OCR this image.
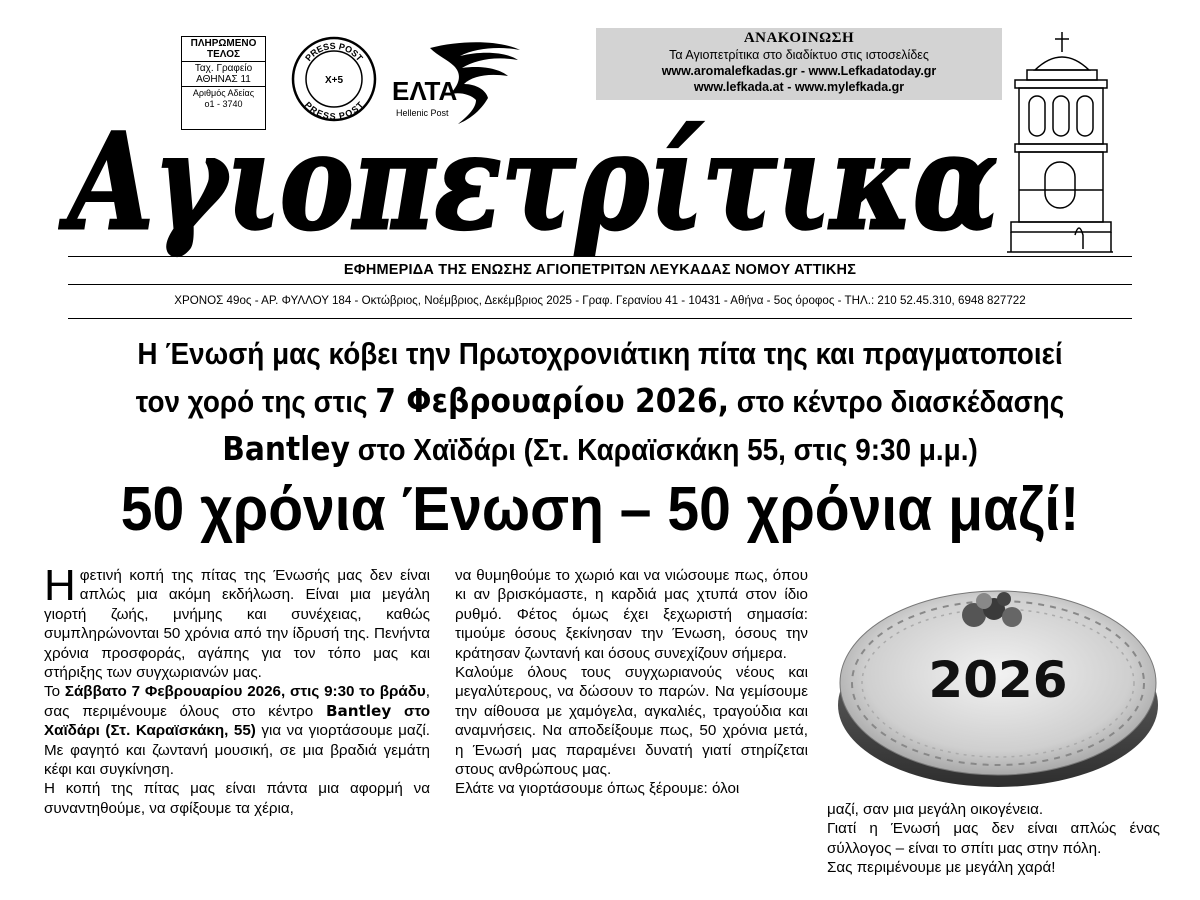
ΠΛΗΡΩΜΕΝΟ
ΤΕΛΟΣ
Ταχ. Γραφείο
ΑΘΗΝΑΣ 11
Αριθμός Αδείας
ο1 - 3740
PRESS POST
PRESS POST
X+5 ΕΛΤΑ
Hellenic Post
ΑΝΑΚΟΙΝΩΣΗ
Τα Αγιοπετρίτικα στο διαδίκτυο στις ιστοσελίδες
www.aromalefkadas.gr - www.Lefkadatoday.gr
www.lefkada.at - www.mylefkada.gr
Αγιοπετρίτικα
ΕΦΗΜΕΡΙΔΑ ΤΗΣ ΕΝΩΣΗΣ ΑΓΙΟΠΕΤΡΙΤΩΝ ΛΕΥΚΑΔΑΣ ΝΟΜΟΥ ΑΤΤΙΚΗΣ
ΧΡΟΝΟΣ 49ος - ΑΡ. ΦΥΛΛΟΥ 184 - Οκτώβριος, Νοέμβριος, Δεκέμβριος 2025 - Γραφ. Γερανίου 41 - 10431 - Αθήνα - 5ος όροφος - ΤΗΛ.: 210 52.45.310, 6948 827722
Η Ένωσή μας κόβει την Πρωτοχρονιάτικη πίτα της και πραγματοποιεί
τον χορό της στις 7 Φεβρουαρίου 2026, στο κέντρο διασκέδασης
Bantley στο Χαϊδάρι (Στ. Καραϊσκάκη 55, στις 9:30 μ.μ.)
50 χρόνια Ένωση – 50 χρόνια μαζί!

Ηφετινή κοπή της πίτας της Ένωσής μας δεν είναι απλώς μια ακόμη εκδήλωση. Είναι μια μεγάλη γιορτή ζωής, μνήμης και συνέχειας, καθώς συμπληρώνονται 50 χρόνια από την ίδρυσή της. Πενήντα χρόνια προσφοράς, αγάπης για τον τόπο μας και στήριξης των συγχωριανών μας.

Το Σάββατο 7 Φεβρουαρίου 2026, στις 9:30 το βράδυ, σας περιμένουμε όλους στο κέντρο Bantley στο Χαϊδάρι (Στ. Καραϊσκάκη, 55) για να γιορτάσουμε μαζί. Με φαγητό και ζωντανή μουσική, σε μια βραδιά γεμάτη κέφι και συγκίνηση.

Η κοπή της πίτας μας είναι πάντα μια αφορμή να συναντηθούμε, να σφίξουμε τα χέρια,

να θυμηθούμε το χωριό και να νιώσουμε πως, όπου κι αν βρισκόμαστε, η καρδιά μας χτυπά στον ίδιο ρυθμό. Φέτος όμως έχει ξεχωριστή σημασία: τιμούμε όσους ξεκίνησαν την Ένωση, όσους την κράτησαν ζωντανή και όσους συνεχίζουν σήμερα.

Καλούμε όλους τους συγχωριανούς νέους και μεγαλύτερους, να δώσουν το παρών. Να γεμίσουμε την αίθουσα με χαμόγελα, αγκαλιές, τραγούδια και αναμνήσεις. Να αποδείξουμε πως, 50 χρόνια μετά, η Ένωσή μας παραμένει δυνατή γιατί στηρίζεται στους ανθρώπους μας.

Ελάτε να γιορτάσουμε όπως ξέρουμε: όλοι

2026

μαζί, σαν μια μεγάλη οικογένεια.

Γιατί η Ένωσή μας δεν είναι απλώς ένας σύλλογος – είναι το σπίτι μας στην πόλη.

Σας περιμένουμε με μεγάλη χαρά!
